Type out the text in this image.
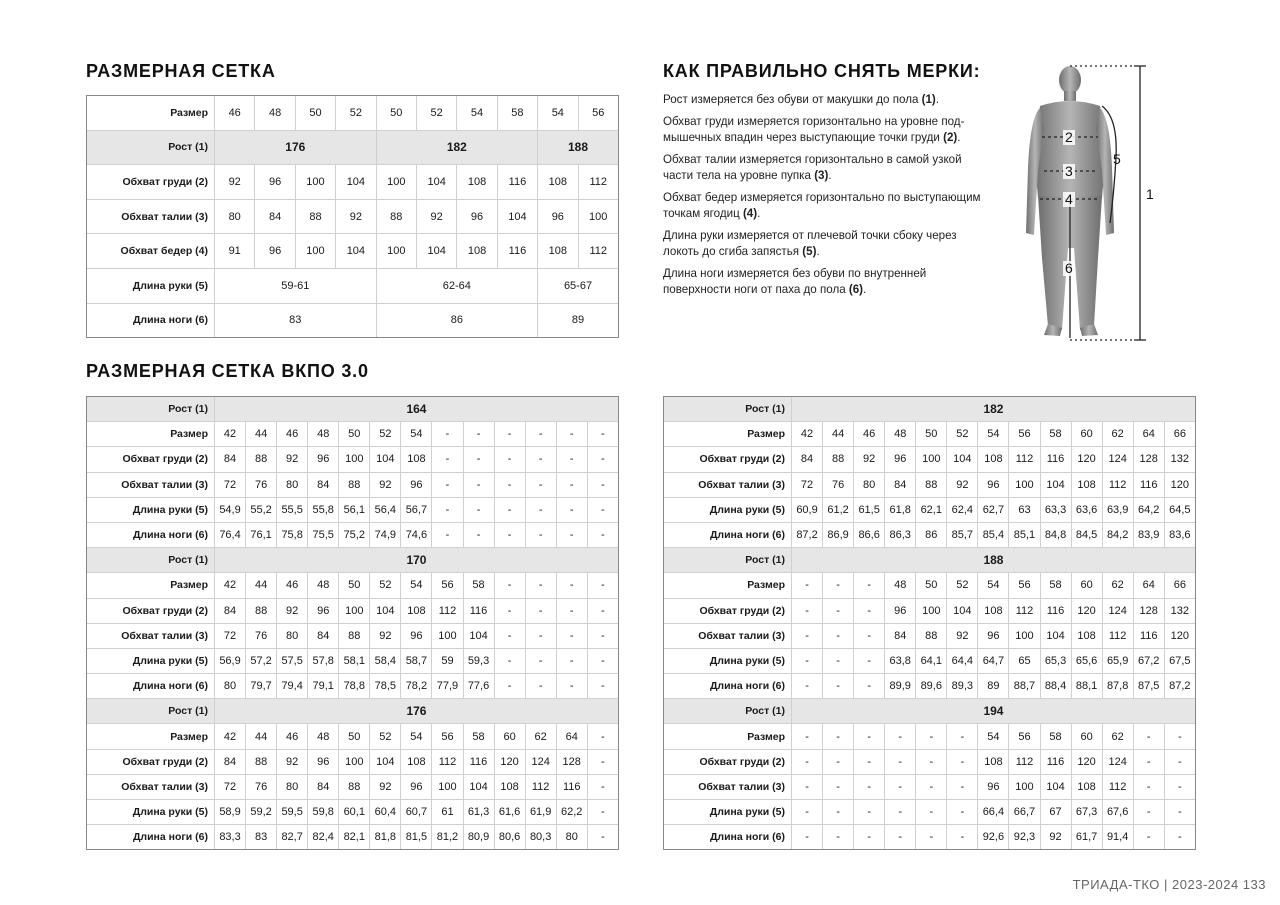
РАЗМЕРНАЯ СЕТКА	КАК ПРАВИЛЬНО СНЯТЬ МЕРКИ:
РАЗМЕРНАЯ СЕТКА ВКПО 3.0
Размер	46	48	50	52	50	52	54	58	54	56
Рост (1)	176				182				188	
Обхват груди (2)	92	96	100	104	100	104	108	116	108	112
Обхват талии (3)	80	84	88	92	88	92	96	104	96	100
Обхват бедер (4)	91	96	100	104	100	104	108	116	108	112
Длина руки (5)	59-61				62-64				65-67	
Длина ноги (6)	83				86				89	

Рост измеряется без обуви от макушки до пола (1).

Обхват груди измеряется горизонтально на уровне подмышечных впадин через выступающие точки груди (2).

Обхват талии измеряется горизонтально в самой узкой части тела на уровне пупка (3).

Обхват бедер измеряется горизонтально по выступающим точкам ягодиц (4).

Длина руки измеряется от плечевой точки сбоку через локоть до сгиба запястья (5).

Длина ноги измеряется без обуви по внутренней поверхности ноги от паха до пола (6).

2
5
3
4	1
6
Рост (1)	164												
Размер	42	44	46	48	50	52	54	-	-	-	-	-	-
Обхват груди (2)	84	88	92	96	100	104	108	-	-	-	-	-	-
Обхват талии (3)	72	76	80	84	88	92	96	-	-	-	-	-	-
Длина руки (5)	54,9	55,2	55,5	55,8	56,1	56,4	56,7	-	-	-	-	-	-
Длина ноги (6)	76,4	76,1	75,8	75,5	75,2	74,9	74,6	-	-	-	-	-	-
Рост (1)	170												
Размер	42	44	46	48	50	52	54	56	58	-	-	-	-
Обхват груди (2)	84	88	92	96	100	104	108	112	116	-	-	-	-
Обхват талии (3)	72	76	80	84	88	92	96	100	104	-	-	-	-
Длина руки (5)	56,9	57,2	57,5	57,8	58,1	58,4	58,7	59	59,3	-	-	-	-
Длина ноги (6)	80	79,7	79,4	79,1	78,8	78,5	78,2	77,9	77,6	-	-	-	-
Рост (1)	176												
Размер	42	44	46	48	50	52	54	56	58	60	62	64	-
Обхват груди (2)	84	88	92	96	100	104	108	112	116	120	124	128	-
Обхват талии (3)	72	76	80	84	88	92	96	100	104	108	112	116	-
Длина руки (5)	58,9	59,2	59,5	59,8	60,1	60,4	60,7	61	61,3	61,6	61,9	62,2	-
Длина ноги (6)	83,3	83	82,7	82,4	82,1	81,8	81,5	81,2	80,9	80,6	80,3	80	-
Рост (1)	182												
Размер	42	44	46	48	50	52	54	56	58	60	62	64	66
Обхват груди (2)	84	88	92	96	100	104	108	112	116	120	124	128	132
Обхват талии (3)	72	76	80	84	88	92	96	100	104	108	112	116	120
Длина руки (5)	60,9	61,2	61,5	61,8	62,1	62,4	62,7	63	63,3	63,6	63,9	64,2	64,5
Длина ноги (6)	87,2	86,9	86,6	86,3	86	85,7	85,4	85,1	84,8	84,5	84,2	83,9	83,6
Рост (1)	188												
Размер	-	-	-	48	50	52	54	56	58	60	62	64	66
Обхват груди (2)	-	-	-	96	100	104	108	112	116	120	124	128	132
Обхват талии (3)	-	-	-	84	88	92	96	100	104	108	112	116	120
Длина руки (5)	-	-	-	63,8	64,1	64,4	64,7	65	65,3	65,6	65,9	67,2	67,5
Длина ноги (6)	-	-	-	89,9	89,6	89,3	89	88,7	88,4	88,1	87,8	87,5	87,2
Рост (1)	194												
Размер	-	-	-	-	-	-	54	56	58	60	62	-	-
Обхват груди (2)	-	-	-	-	-	-	108	112	116	120	124	-	-
Обхват талии (3)	-	-	-	-	-	-	96	100	104	108	112	-	-
Длина руки (5)	-	-	-	-	-	-	66,4	66,7	67	67,3	67,6	-	-
Длина ноги (6)	-	-	-	-	-	-	92,6	92,3	92	61,7	91,4	-	-
ТРИАДА-ТКО | 2023-2024 133
